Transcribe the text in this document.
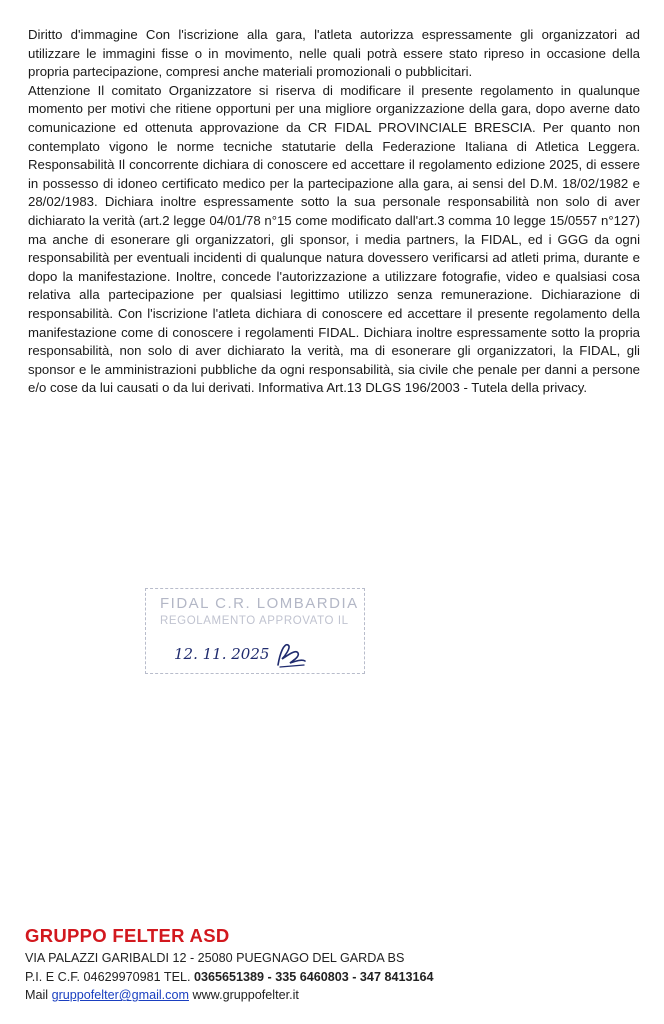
Diritto d'immagine Con l'iscrizione alla gara, l'atleta autorizza espressamente gli organizzatori ad utilizzare le immagini fisse o in movimento, nelle quali potrà essere stato ripreso in occasione della propria partecipazione, compresi anche materiali promozionali o pubblicitari.

Attenzione Il comitato Organizzatore si riserva di modificare il presente regolamento in qualunque momento per motivi che ritiene opportuni per una migliore organizzazione della gara, dopo averne dato comunicazione ed ottenuta approvazione da CR FIDAL PROVINCIALE BRESCIA. Per quanto non contemplato vigono le norme tecniche statutarie della Federazione Italiana di Atletica Leggera. Responsabilità Il concorrente dichiara di conoscere ed accettare il regolamento edizione 2025, di essere in possesso di idoneo certificato medico per la partecipazione alla gara, ai sensi del D.M. 18/02/1982 e 28/02/1983. Dichiara inoltre espressamente sotto la sua personale responsabilità non solo di aver dichiarato la verità (art.2 legge 04/01/78 n°15 come modificato dall'art.3 comma 10 legge 15/0557 n°127) ma anche di esonerare gli organizzatori, gli sponsor, i media partners, la FIDAL, ed i GGG da ogni responsabilità per eventuali incidenti di qualunque natura dovessero verificarsi ad atleti prima, durante e dopo la manifestazione. Inoltre, concede l'autorizzazione a utilizzare fotografie, video e qualsiasi cosa relativa alla partecipazione per qualsiasi legittimo utilizzo senza remunerazione. Dichiarazione di responsabilità. Con l'iscrizione l'atleta dichiara di conoscere ed accettare il presente regolamento della manifestazione come di conoscere i regolamenti FIDAL. Dichiara inoltre espressamente sotto la propria responsabilità, non solo di aver dichiarato la verità, ma di esonerare gli organizzatori, la FIDAL, gli sponsor e le amministrazioni pubbliche da ogni responsabilità, sia civile che penale per danni a persone e/o cose da lui causati o da lui derivati. Informativa Art.13 DLGS 196/2003 - Tutela della privacy.

FIDAL C.R. LOMBARDIA
REGOLAMENTO APPROVATO IL
12. 11. 2025
GRUPPO FELTER ASD
VIA PALAZZI GARIBALDI 12 - 25080 PUEGNAGO DEL GARDA BS
P.I. E C.F. 04629970981 TEL. 0365651389 - 335 6460803 - 347 8413164
Mail gruppofelter@gmail.com www.gruppofelter.it
